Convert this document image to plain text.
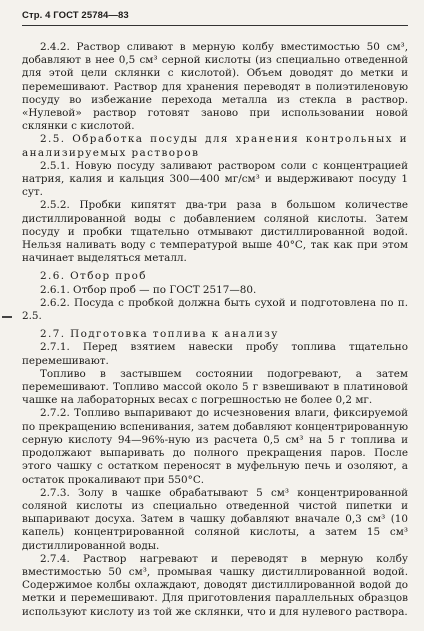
Стр. 4 ГОСТ 25784—83

2.4.2. Раствор сливают в мерную колбу вместимостью 50 см³, добавляют в нее 0,5 см³ серной кислоты (из специально отведенной для этой цели склянки с кислотой). Объем доводят до метки и перемешивают. Раствор для хранения переводят в полиэтиленовую посуду во избежание перехода металла из стекла в раствор. «Нулевой» раствор готовят заново при использовании новой склянки с кислотой.

2.5. Обработка посуды для хранения контрольных и анализируемых растворов

2.5.1. Новую посуду заливают раствором соли с концентрацией натрия, калия и кальция 300—400 мг/см³ и выдерживают посуду 1 сут.

2.5.2. Пробки кипятят два-три раза в большом количестве дистиллированной воды с добавлением соляной кислоты. Затем посуду и пробки тщательно отмывают дистиллированной водой. Нельзя наливать воду с температурой выше 40°С, так как при этом начинает выделяться металл.

2.6. Отбор проб

2.6.1. Отбор проб — по ГОСТ 2517—80.

2.6.2. Посуда с пробкой должна быть сухой и подготовлена по п. 2.5.

2.7. Подготовка топлива к анализу

2.7.1. Перед взятием навески пробу топлива тщательно перемешивают.

Топливо в застывшем состоянии подогревают, а затем перемешивают. Топливо массой около 5 г взвешивают в платиновой чашке на лабораторных весах с погрешностью не более 0,2 мг.

2.7.2. Топливо выпаривают до исчезновения влаги, фиксируемой по прекращению вспенивания, затем добавляют концентрированную серную кислоту 94—96%-ную из расчета 0,5 см³ на 5 г топлива и продолжают выпаривать до полного прекращения паров. После этого чашку с остатком переносят в муфельную печь и озоляют, а остаток прокаливают при 550°С.

2.7.3. Золу в чашке обрабатывают 5 см³ концентрированной соляной кислоты из специально отведенной чистой пипетки и выпаривают досуха. Затем в чашку добавляют вначале 0,3 см³ (10 капель) концентрированной соляной кислоты, а затем 15 см³ дистиллированной воды.

2.7.4. Раствор нагревают и переводят в мерную колбу вместимостью 50 см³, промывая чашку дистиллированной водой. Содержимое колбы охлаждают, доводят дистиллированной водой до метки и перемешивают. Для приготовления параллельных образцов используют кислоту из той же склянки, что и для нулевого раствора.
